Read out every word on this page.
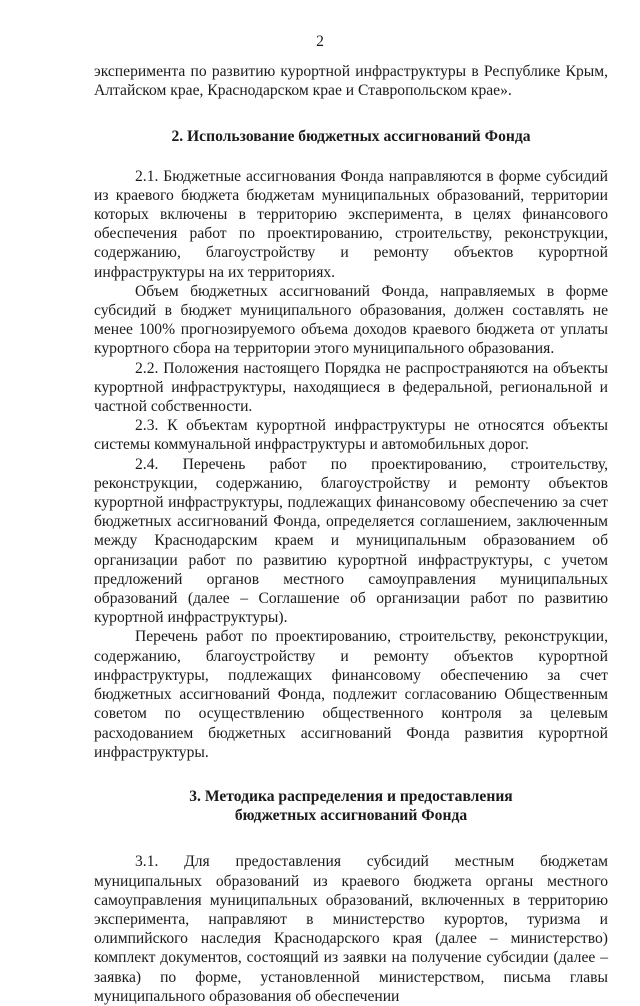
2

эксперимента по развитию курортной инфраструктуры в Республике Крым, Алтайском крае, Краснодарском крае и Ставропольском крае».

2. Использование бюджетных ассигнований Фонда

2.1. Бюджетные ассигнования Фонда направляются в форме субсидий из краевого бюджета бюджетам муниципальных образований, территории которых включены в территорию эксперимента, в целях финансового обеспечения работ по проектированию, строительству, реконструкции, содержанию, благоустройству и ремонту объектов курортной инфраструктуры на их территориях.

Объем бюджетных ассигнований Фонда, направляемых в форме субсидий в бюджет муниципального образования, должен составлять не менее 100% прогнозируемого объема доходов краевого бюджета от уплаты курортного сбора на территории этого муниципального образования.

2.2. Положения настоящего Порядка не распространяются на объекты курортной инфраструктуры, находящиеся в федеральной, региональной и частной собственности.

2.3. К объектам курортной инфраструктуры не относятся объекты системы коммунальной инфраструктуры и автомобильных дорог.

2.4. Перечень работ по проектированию, строительству, реконструкции, содержанию, благоустройству и ремонту объектов курортной инфраструктуры, подлежащих финансовому обеспечению за счет бюджетных ассигнований Фонда, определяется соглашением, заключенным между Краснодарским краем и муниципальным образованием об организации работ по развитию курортной инфраструктуры, с учетом предложений органов местного самоуправления муниципальных образований (далее – Соглашение об организации работ по развитию курортной инфраструктуры).

Перечень работ по проектированию, строительству, реконструкции, содержанию, благоустройству и ремонту объектов курортной инфраструктуры, подлежащих финансовому обеспечению за счет бюджетных ассигнований Фонда, подлежит согласованию Общественным советом по осуществлению общественного контроля за целевым расходованием бюджетных ассигнований Фонда развития курортной инфраструктуры.

3. Методика распределения и предоставления
бюджетных ассигнований Фонда

3.1. Для предоставления субсидий местным бюджетам муниципальных образований из краевого бюджета органы местного самоуправления муниципальных образований, включенных в территорию эксперимента, направляют в министерство курортов, туризма и олимпийского наследия Краснодарского края (далее – министерство) комплект документов, состоящий из заявки на получение субсидии (далее – заявка) по форме, установленной министерством, письма главы муниципального образования об обеспечении
